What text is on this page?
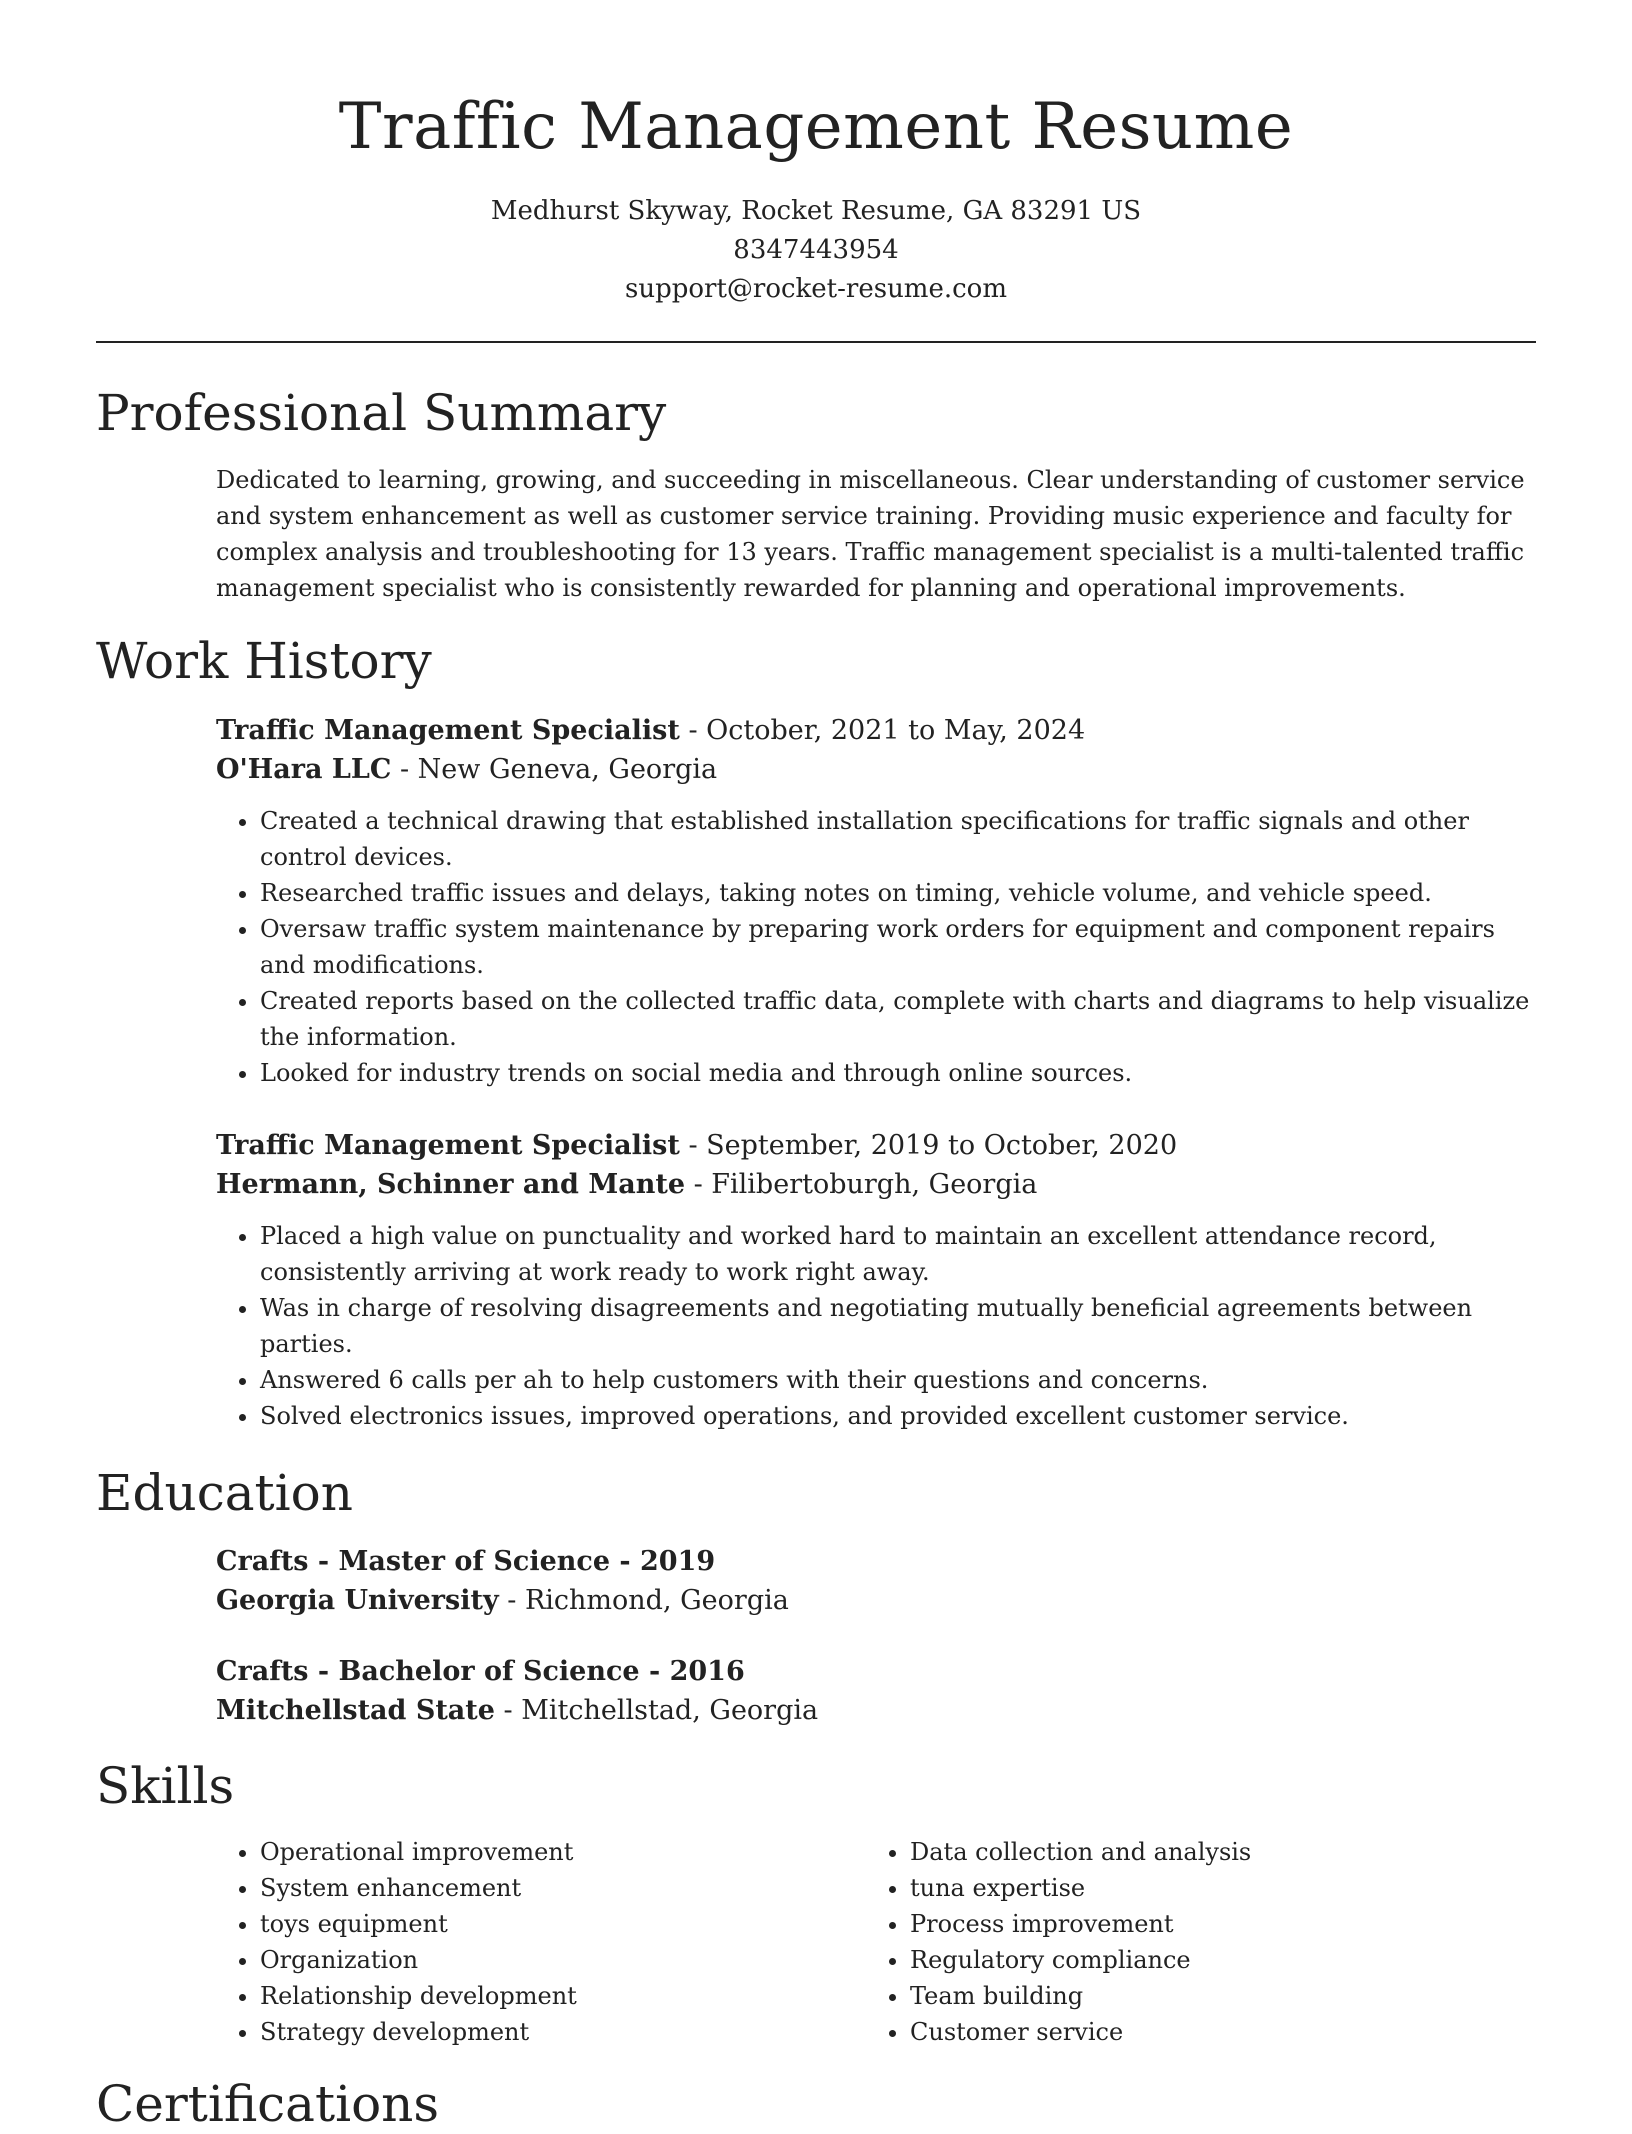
Traffic Management Resume
Medhurst Skyway, Rocket Resume, GA 83291 US
8347443954
support@rocket-resume.com
Professional Summary

Dedicated to learning, growing, and succeeding in miscellaneous. Clear understanding of customer service and system enhancement as well as customer service training. Providing music experience and faculty for complex analysis and troubleshooting for 13 years. Traffic management specialist is a multi-talented traffic management specialist who is consistently rewarded for planning and operational improvements.

Work History

Traffic Management Specialist - October, 2021 to May, 2024

O'Hara LLC - New Geneva, Georgia

• Created a technical drawing that established installation specifications for traffic signals and other control devices.
• Researched traffic issues and delays, taking notes on timing, vehicle volume, and vehicle speed.
• Oversaw traffic system maintenance by preparing work orders for equipment and component repairs and modifications.
• Created reports based on the collected traffic data, complete with charts and diagrams to help visualize the information.
• Looked for industry trends on social media and through online sources.

Traffic Management Specialist - September, 2019 to October, 2020

Hermann, Schinner and Mante - Filibertoburgh, Georgia

• Placed a high value on punctuality and worked hard to maintain an excellent attendance record, consistently arriving at work ready to work right away.
• Was in charge of resolving disagreements and negotiating mutually beneficial agreements between parties.
• Answered 6 calls per ah to help customers with their questions and concerns.
• Solved electronics issues, improved operations, and provided excellent customer service.
Education

Crafts - Master of Science - 2019

Georgia University - Richmond, Georgia

Crafts - Bachelor of Science - 2016

Mitchellstad State - Mitchellstad, Georgia

Skills
• Operational improvement
• System enhancement
• toys equipment
• Organization
• Relationship development
• Strategy development
• Data collection and analysis
• tuna expertise
• Process improvement
• Regulatory compliance
• Team building
• Customer service
Certifications
